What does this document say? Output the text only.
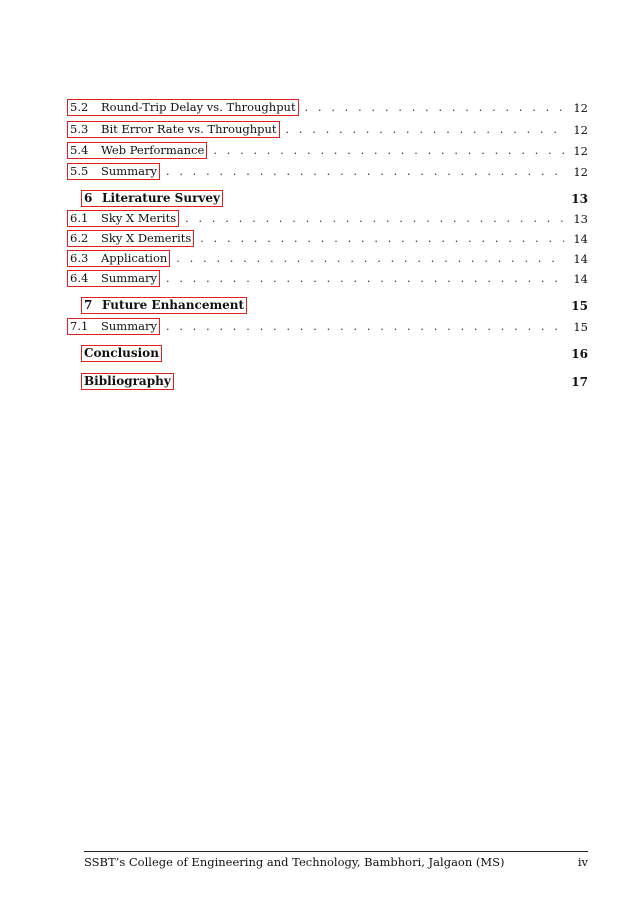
5.2	Round-Trip Delay vs. Throughput . . .	12
5.3	Bit Error Rate vs. Throughput . . .	12
5.4	Web Performance . . .	12
5.5	Summary . . .	12
6 Literature Survey	13
6.1	Sky X Merits . . .	13
6.2	Sky X Demerits . . .	14
6.3	Application . . .	14
6.4	Summary . . .	14
7 Future Enhancement	15
7.1	Summary . . .	15
Conclusion	16
Bibliography	17
SSBT’s College of Engineering and Technology, Bambhori, Jalgaon (MS)	iv
